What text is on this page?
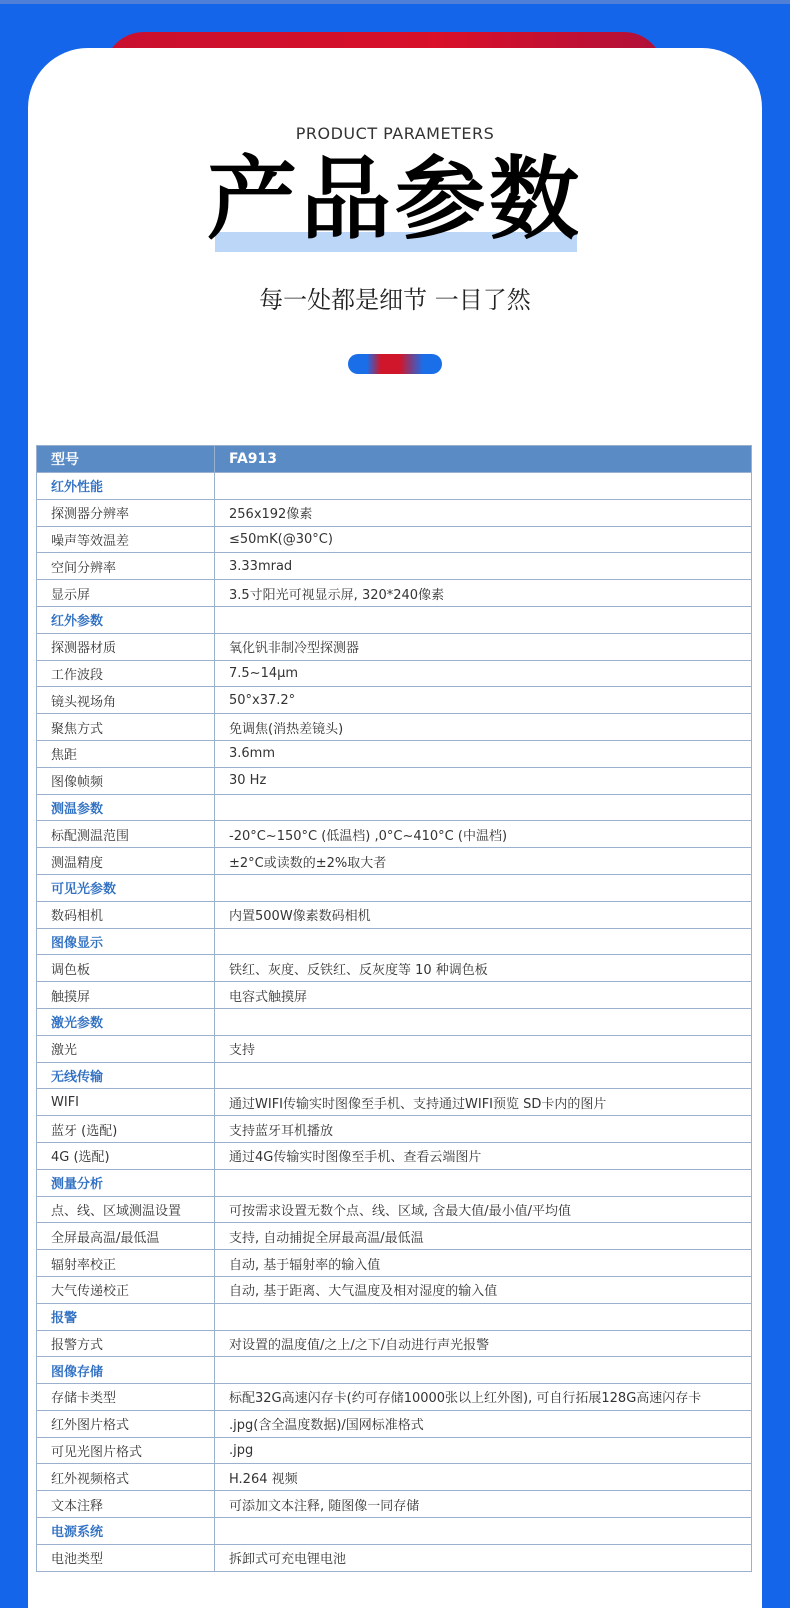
PRODUCT PARAMETERS
产品参数
每一处都是细节 一目了然
型号	FA913
红外性能	
探测器分辨率	256x192像素
噪声等效温差	≤50mK(@30°C)
空间分辨率	3.33mrad
显示屏	3.5寸阳光可视显示屏, 320*240像素
红外参数	
探测器材质	氧化钒非制冷型探测器
工作波段	7.5~14μm
镜头视场角	50°x37.2°
聚焦方式	免调焦(消热差镜头)
焦距	3.6mm
图像帧频	30 Hz
测温参数	
标配测温范围	-20°C~150°C (低温档) ,0°C~410°C (中温档)
测温精度	±2°C或读数的±2%取大者
可见光参数	
数码相机	内置500W像素数码相机
图像显示	
调色板	铁红、灰度、反铁红、反灰度等 10 种调色板
触摸屏	电容式触摸屏
激光参数	
激光	支持
无线传输	
WIFI	通过WIFI传输实时图像至手机、支持通过WIFI预览 SD卡内的图片
蓝牙 (选配)	支持蓝牙耳机播放
4G (选配)	通过4G传输实时图像至手机、查看云端图片
测量分析	
点、线、区域测温设置	可按需求设置无数个点、线、区域, 含最大值/最小值/平均值
全屏最高温/最低温	支持, 自动捕捉全屏最高温/最低温
辐射率校正	自动, 基于辐射率的输入值
大气传递校正	自动, 基于距离、大气温度及相对湿度的输入值
报警	
报警方式	对设置的温度值/之上/之下/自动进行声光报警
图像存储	
存储卡类型	标配32G高速闪存卡(约可存储10000张以上红外图), 可自行拓展128G高速闪存卡
红外图片格式	.jpg(含全温度数据)/国网标准格式
可见光图片格式	.jpg
红外视频格式	H.264 视频
文本注释	可添加文本注释, 随图像一同存储
电源系统	
电池类型	拆卸式可充电锂电池
